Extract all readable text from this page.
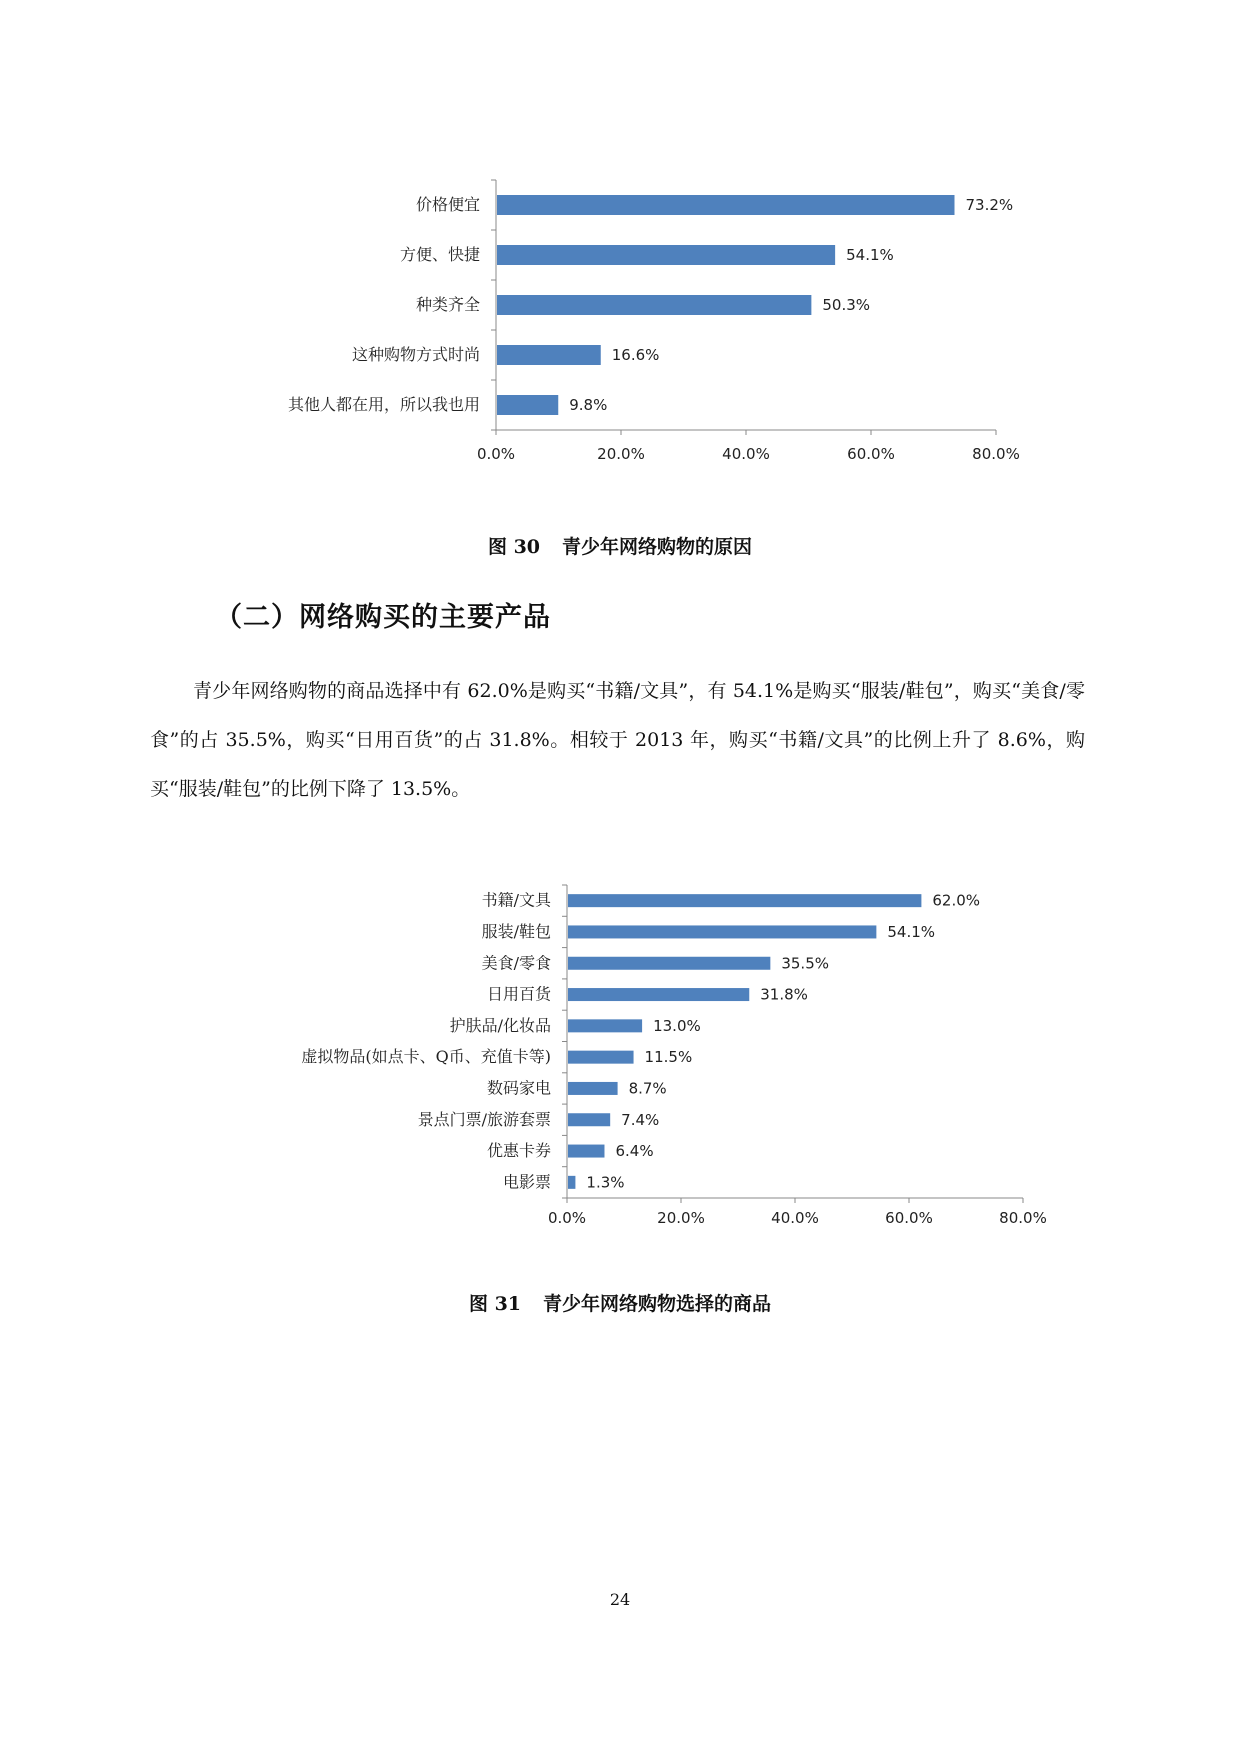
0.0%	20.0%	40.0%	60.0%	80.0%
价格便宜	73.2%
方便、快捷	54.1%
种类齐全	50.3%
这种购物方式时尚	16.6%
其他人都在用，所以我也用	9.8%
图 30 青少年网络购物的原因
（二）网络购买的主要产品
青少年网络购物的商品选择中有 62.0%是购买“书籍/文具”，有 54.1%是购买“服装/鞋包”，购买“美食/零食”的占 35.5%，购买“日用百货”的占 31.8%。相较于 2013 年，购买“书籍/文具”的比例上升了 8.6%，购买“服装/鞋包”的比例下降了 13.5%。
0.0%	20.0%	40.0%	60.0%	80.0%
书籍/文具	62.0%
服装/鞋包	54.1%
美食/零食	35.5%
日用百货	31.8%
护肤品/化妆品	13.0%
虚拟物品(如点卡、Q币、充值卡等)	11.5%
数码家电	8.7%
景点门票/旅游套票	7.4%
优惠卡券	6.4%
电影票 1.3%
图 31 青少年网络购物选择的商品
24
